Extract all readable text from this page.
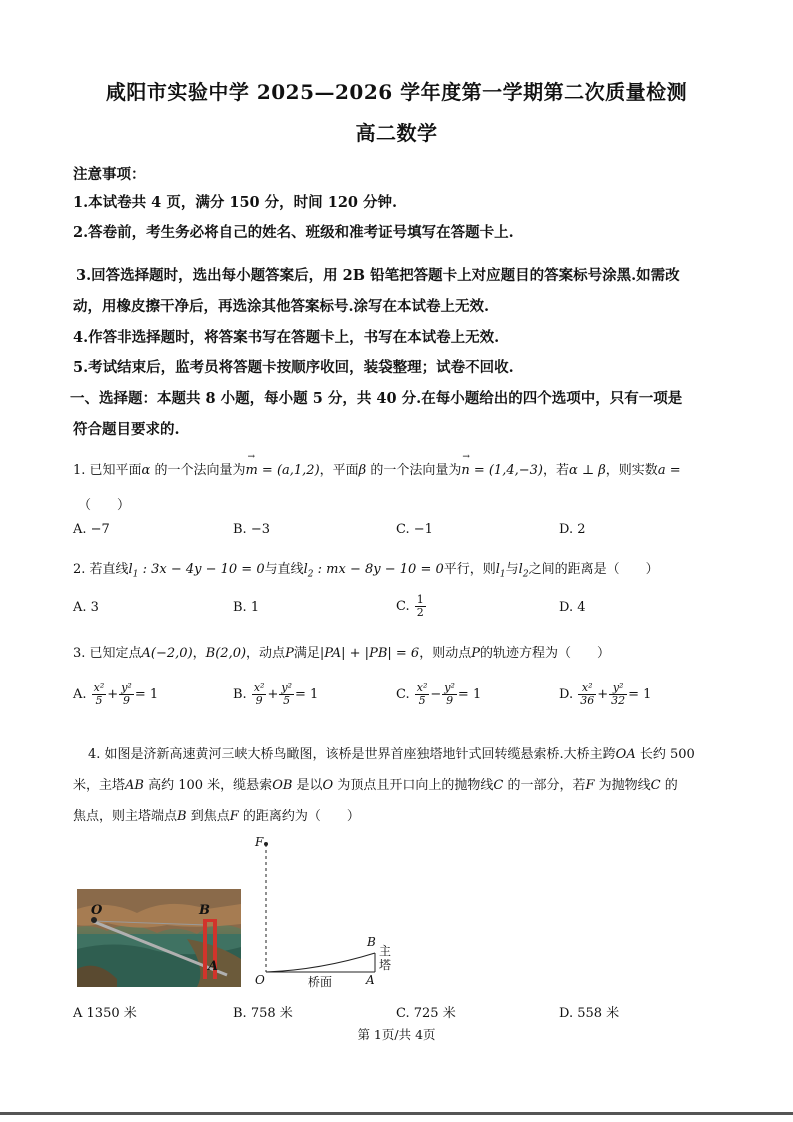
咸阳市实验中学 2025—2026 学年度第一学期第二次质量检测
高二数学
注意事项：
1.本试卷共 4 页，满分 150 分，时间 120 分钟.
2.答卷前，考生务必将自己的姓名、班级和准考证号填写在答题卡上.
3.回答选择题时，选出每小题答案后，用 2B 铅笔把答题卡上对应题目的答案标号涂黑.如需改
动，用橡皮擦干净后，再选涂其他答案标号.涂写在本试卷上无效.
4.作答非选择题时，将答案书写在答题卡上，书写在本试卷上无效.
5.考试结束后，监考员将答题卡按顺序收回，装袋整理；试卷不回收.
一、选择题：本题共 8 小题，每小题 5 分，共 40 分.在每小题给出的四个选项中，只有一项是
符合题目要求的.
1. 已知平面α 的一个法向量为
→
m = (a,1,2)，平面β 的一个法向量为
→
n = (1,4,−3)，若α ⊥ β，则实数a =
（　　）
A. −7	B. −3	C. −1	D. 2
2. 若直线$l_1$ : 3x − 4y − 10 = 0与直线$l_2$ : mx − 8y − 10 = 0平行，则$l_1$与$l_2$之间的距离是（　　）
A. 3	B. 1	C. $\frac{1}{2}$	D. 4
3. 已知定点A(−2,0)，B(2,0)，动点P满足|PA| + |PB| = 6，则动点P的轨迹方程为（　　）
A. $\frac{\text{x²}}{5} + \frac{\text{y²}}{9} = 1$	B. $\frac{\text{x²}}{9} + \frac{\text{y²}}{5} = 1$	C. $\frac{\text{x²}}{5} - \frac{\text{y²}}{9} = 1$	D. $\frac{\text{x²}}{36} + \frac{\text{y²}}{32} = 1$
4. 如图是济新高速黄河三峡大桥鸟瞰图，该桥是世界首座独塔地针式回转缆悬索桥.大桥主跨OA 长约 500
米，主塔AB 高约 100 米，缆悬索OB 是以O 为顶点且开口向上的抛物线C 的一部分，若F 为抛物线C 的
焦点，则主塔端点B 到焦点F 的距离约为（　　）
O	B
A
F
O	A
B
主塔
桥面
A 1350 米	B. 758 米	C. 725 米	D. 558 米
第 1页/共 4页
